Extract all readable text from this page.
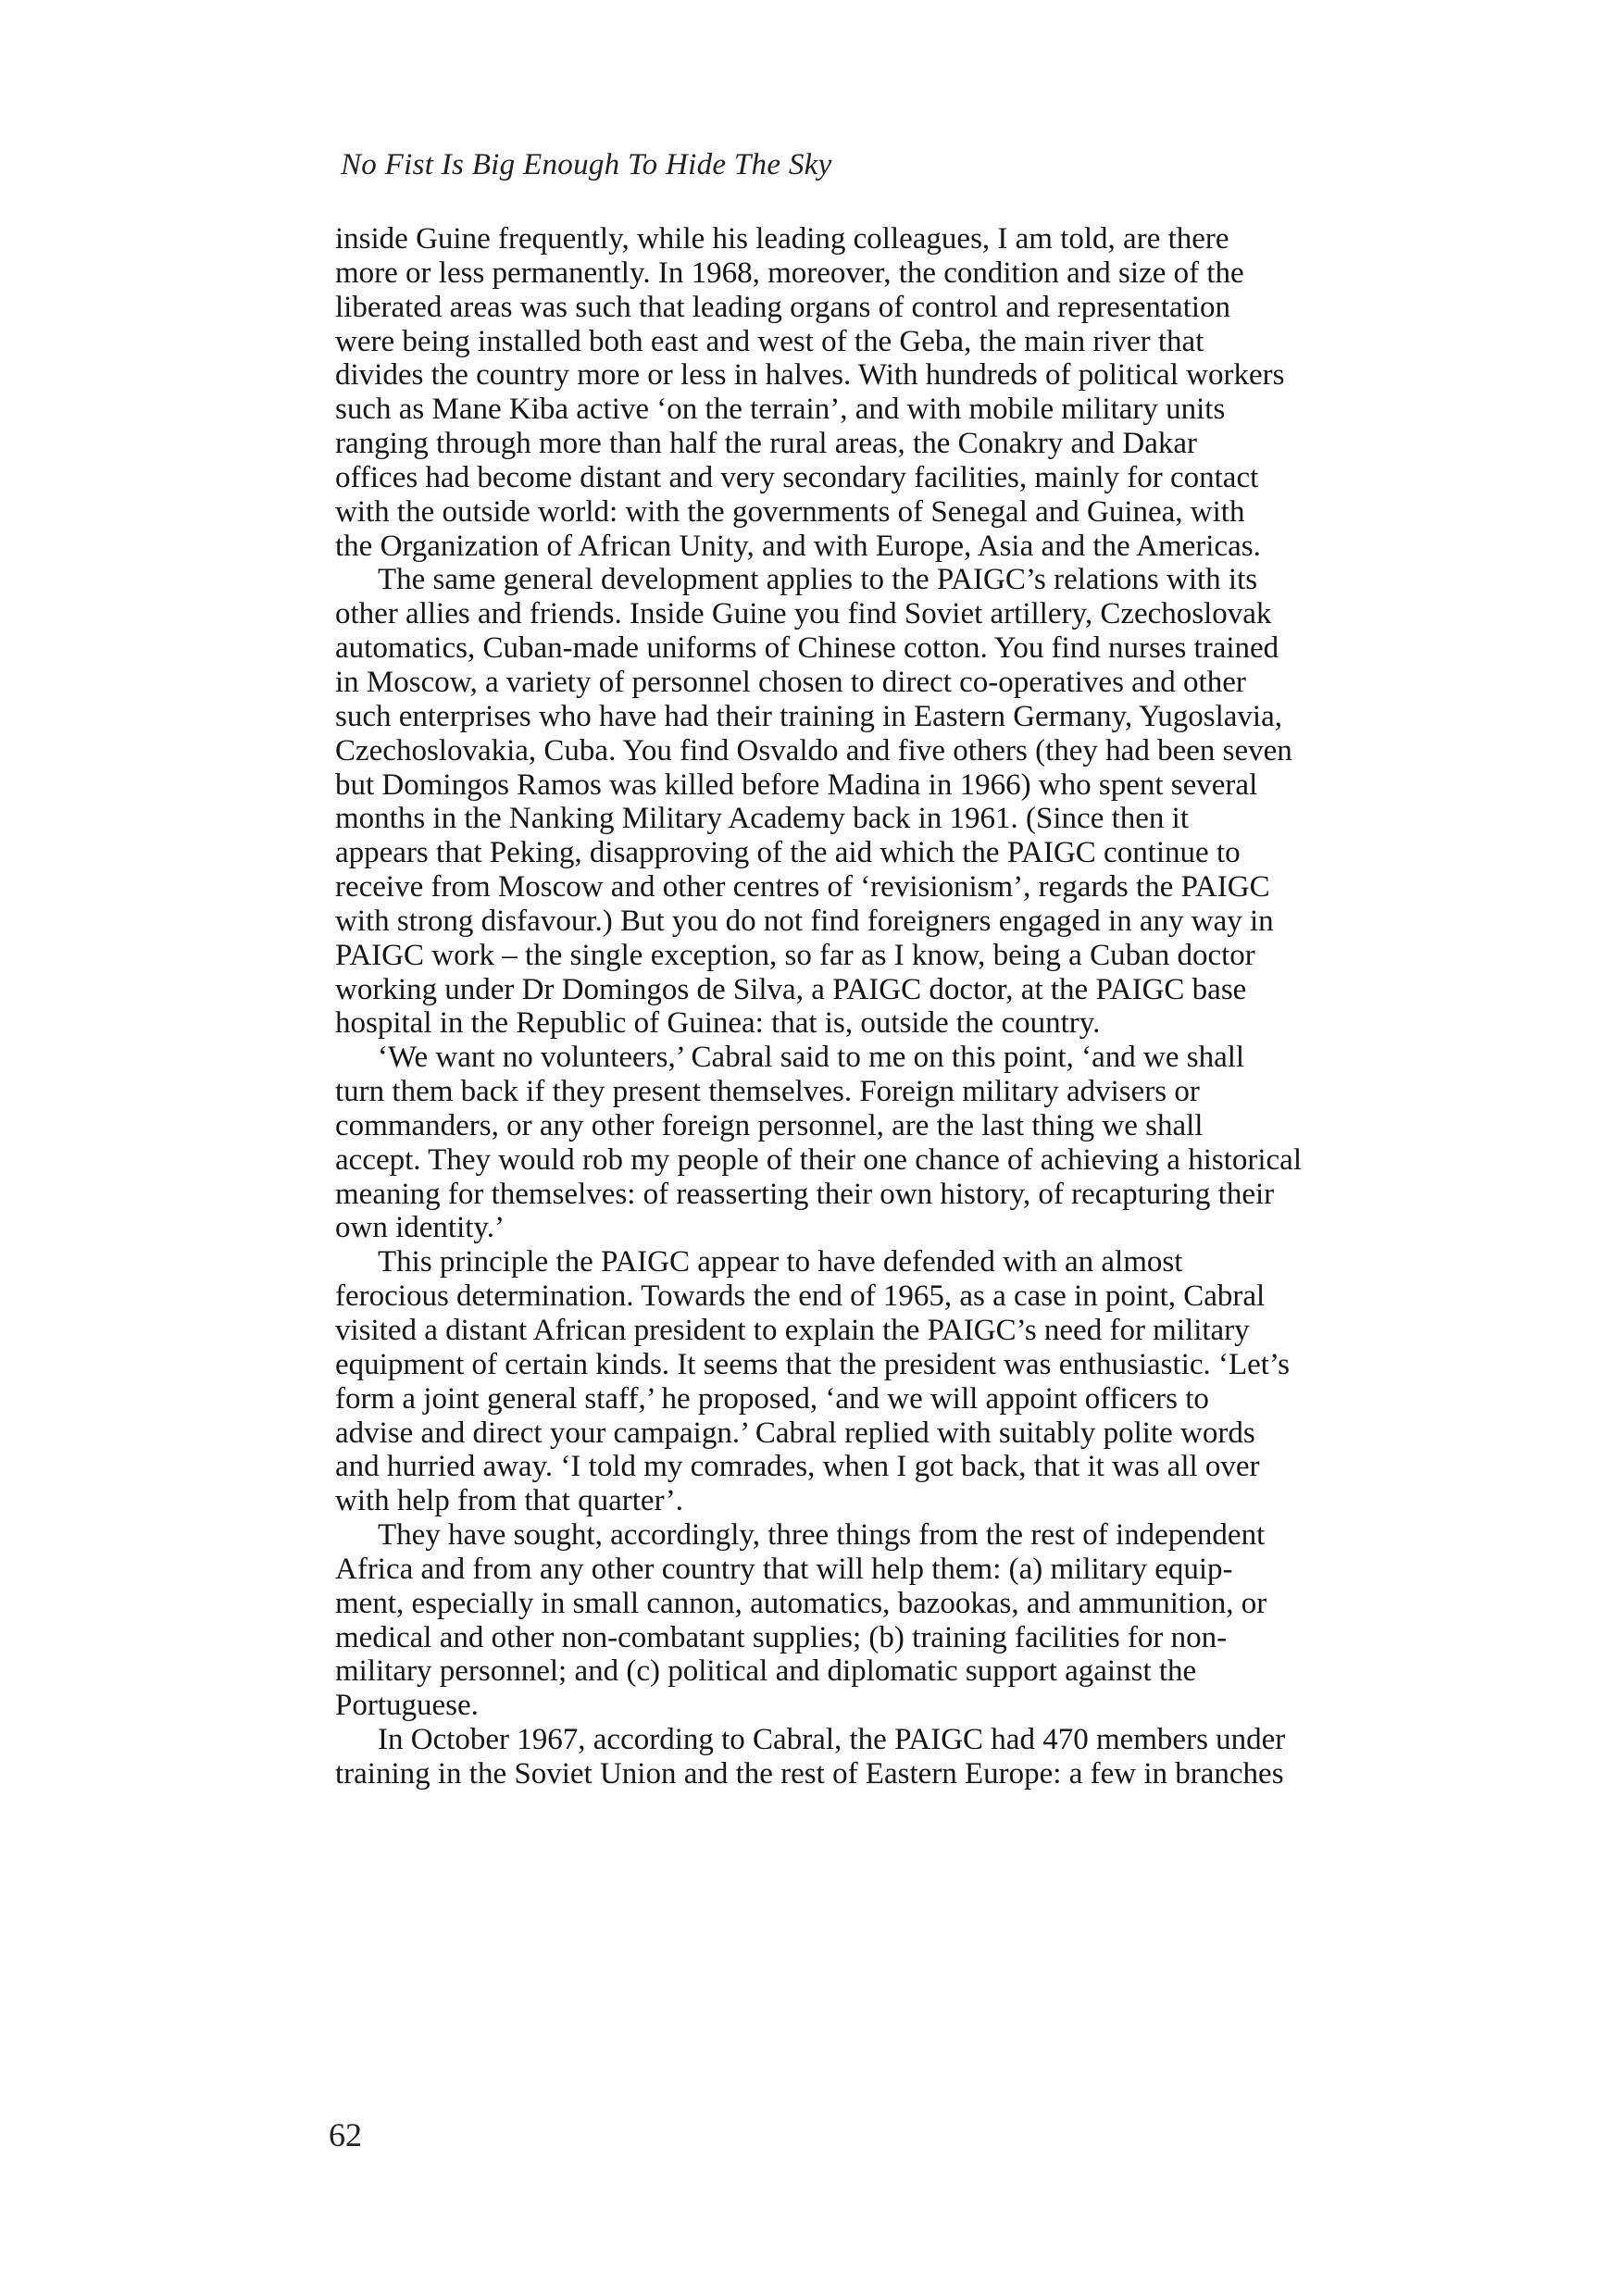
No Fist Is Big Enough To Hide The Sky
inside Guine frequently, while his leading colleagues, I am told, are there
more or less permanently. In 1968, moreover, the condition and size of the
liberated areas was such that leading organs of control and representation
were being installed both east and west of the Geba, the main river that
divides the country more or less in halves. With hundreds of political workers
such as Mane Kiba active ‘on the terrain’, and with mobile military units
ranging through more than half the rural areas, the Conakry and Dakar
offices had become distant and very secondary facilities, mainly for contact
with the outside world: with the governments of Senegal and Guinea, with
the Organization of African Unity, and with Europe, Asia and the Americas.
The same general development applies to the PAIGC’s relations with its
other allies and friends. Inside Guine you find Soviet artillery, Czechoslovak
automatics, Cuban-made uniforms of Chinese cotton. You find nurses trained
in Moscow, a variety of personnel chosen to direct co-operatives and other
such enterprises who have had their training in Eastern Germany, Yugoslavia,
Czechoslovakia, Cuba. You find Osvaldo and five others (they had been seven
but Domingos Ramos was killed before Madina in 1966) who spent several
months in the Nanking Military Academy back in 1961. (Since then it
appears that Peking, disapproving of the aid which the PAIGC continue to
receive from Moscow and other centres of ‘revisionism’, regards the PAIGC
with strong disfavour.) But you do not find foreigners engaged in any way in
PAIGC work – the single exception, so far as I know, being a Cuban doctor
working under Dr Domingos de Silva, a PAIGC doctor, at the PAIGC base
hospital in the Republic of Guinea: that is, outside the country.
‘We want no volunteers,’ Cabral said to me on this point, ‘and we shall
turn them back if they present themselves. Foreign military advisers or
commanders, or any other foreign personnel, are the last thing we shall
accept. They would rob my people of their one chance of achieving a historical
meaning for themselves: of reasserting their own history, of recapturing their
own identity.’
This principle the PAIGC appear to have defended with an almost
ferocious determination. Towards the end of 1965, as a case in point, Cabral
visited a distant African president to explain the PAIGC’s need for military
equipment of certain kinds. It seems that the president was enthusiastic. ‘Let’s
form a joint general staff,’ he proposed, ‘and we will appoint officers to
advise and direct your campaign.’ Cabral replied with suitably polite words
and hurried away. ‘I told my comrades, when I got back, that it was all over
with help from that quarter’.
They have sought, accordingly, three things from the rest of independent
Africa and from any other country that will help them: (a) military equip-
ment, especially in small cannon, automatics, bazookas, and ammunition, or
medical and other non-combatant supplies; (b) training facilities for non-
military personnel; and (c) political and diplomatic support against the
Portuguese.
In October 1967, according to Cabral, the PAIGC had 470 members under
training in the Soviet Union and the rest of Eastern Europe: a few in branches
62
